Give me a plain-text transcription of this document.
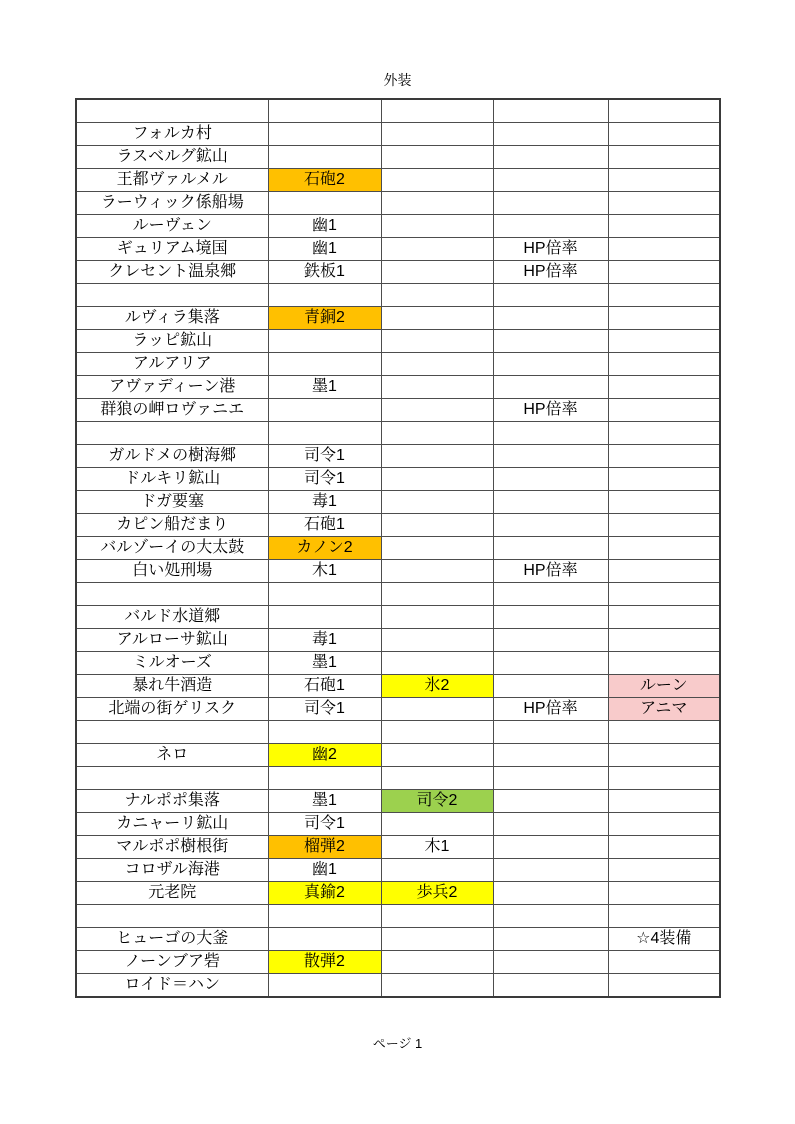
外装

フォルカ村				
ラスベルグ鉱山				
王都ヴァルメル	石砲2			
ラーウィック係船場				
ルーヴェン	幽1			
ギュリアム境国	幽1		HP倍率	
クレセント温泉郷	鉄板1		HP倍率	

ルヴィラ集落	青銅2			
ラッピ鉱山				
アルアリア				
アヴァディーン港	墨1			
群狼の岬ロヴァニエ			HP倍率	

ガルドメの樹海郷	司令1			
ドルキリ鉱山	司令1			
ドガ要塞	毒1			
カピン船だまり	石砲1			
バルゾーイの大太鼓	カノン2			
白い処刑場	木1		HP倍率	

バルド水道郷				
アルローサ鉱山	毒1			
ミルオーズ	墨1			
暴れ牛酒造	石砲1	氷2		ルーン
北端の街ゲリスク	司令1		HP倍率	アニマ

ネロ	幽2			

ナルポポ集落	墨1	司令2		
カニャーリ鉱山	司令1			
マルポポ樹根街	榴弾2	木1		
コロザル海港	幽1			
元老院	真鍮2	歩兵2		

ヒューゴの大釜				☆4装備
ノーンブア砦	散弾2			
ロイド＝ハン				
ページ 1
